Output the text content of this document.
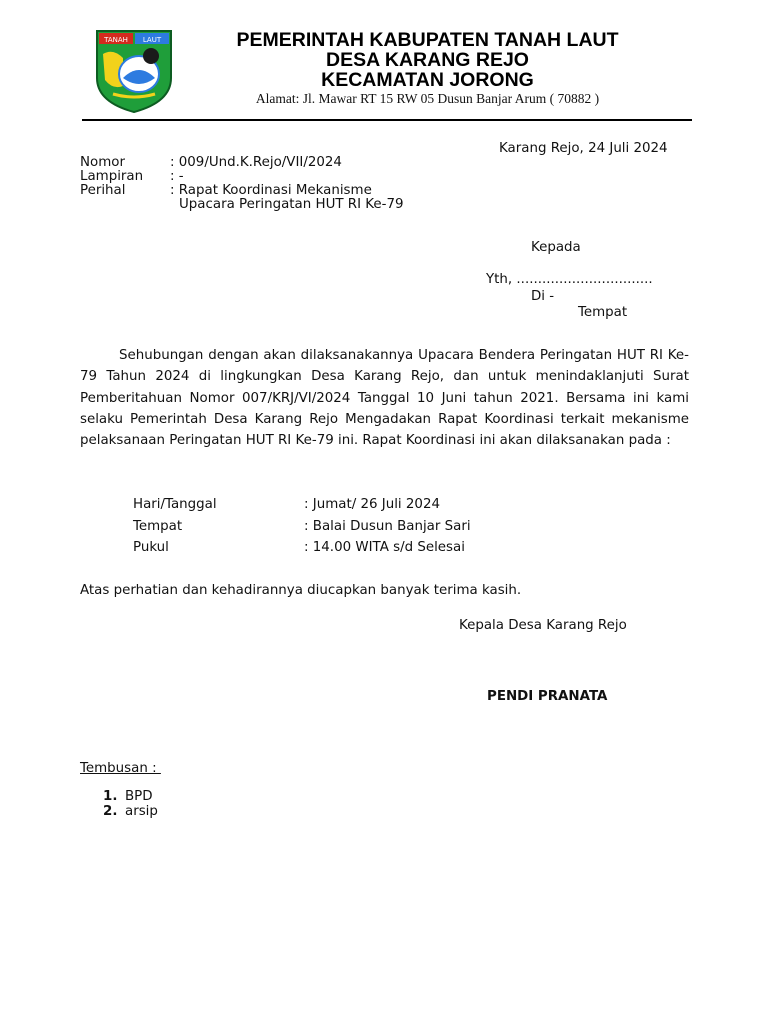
TANAH LAUT	PEMERINTAH KABUPATEN TANAH LAUT
DESA KARANG REJO
KECAMATAN JORONG
Alamat: Jl. Mawar RT 15 RW 05 Dusun Banjar Arum ( 70882 )
Karang Rejo, 24 Juli 2024
Nomor	: 009/Und.K.Rejo/VII/2024
Lampiran : -
Perihal	: Rapat Koordinasi Mekanisme
Upacara Peringatan HUT RI Ke-79
Kepada
Yth, ................................
Di -
Tempat
Sehubungan dengan akan dilaksanakannya Upacara Bendera Peringatan HUT RI Ke-79 Tahun 2024 di lingkungkan Desa Karang Rejo, dan untuk menindaklanjuti Surat Pemberitahuan Nomor 007/KRJ/VI/2024 Tanggal 10 Juni tahun 2021. Bersama ini kami selaku Pemerintah Desa Karang Rejo Mengadakan Rapat Koordinasi terkait mekanisme pelaksanaan Peringatan HUT RI Ke-79 ini. Rapat Koordinasi ini akan dilaksanakan pada :
Hari/Tanggal	: Jumat/ 26 Juli 2024
Tempat	: Balai Dusun Banjar Sari
Pukul	: 14.00 WITA s/d Selesai
Atas perhatian dan kehadirannya diucapkan banyak terima kasih.
Kepala Desa Karang Rejo
PENDI PRANATA
Tembusan :
1. BPD
2. arsip
